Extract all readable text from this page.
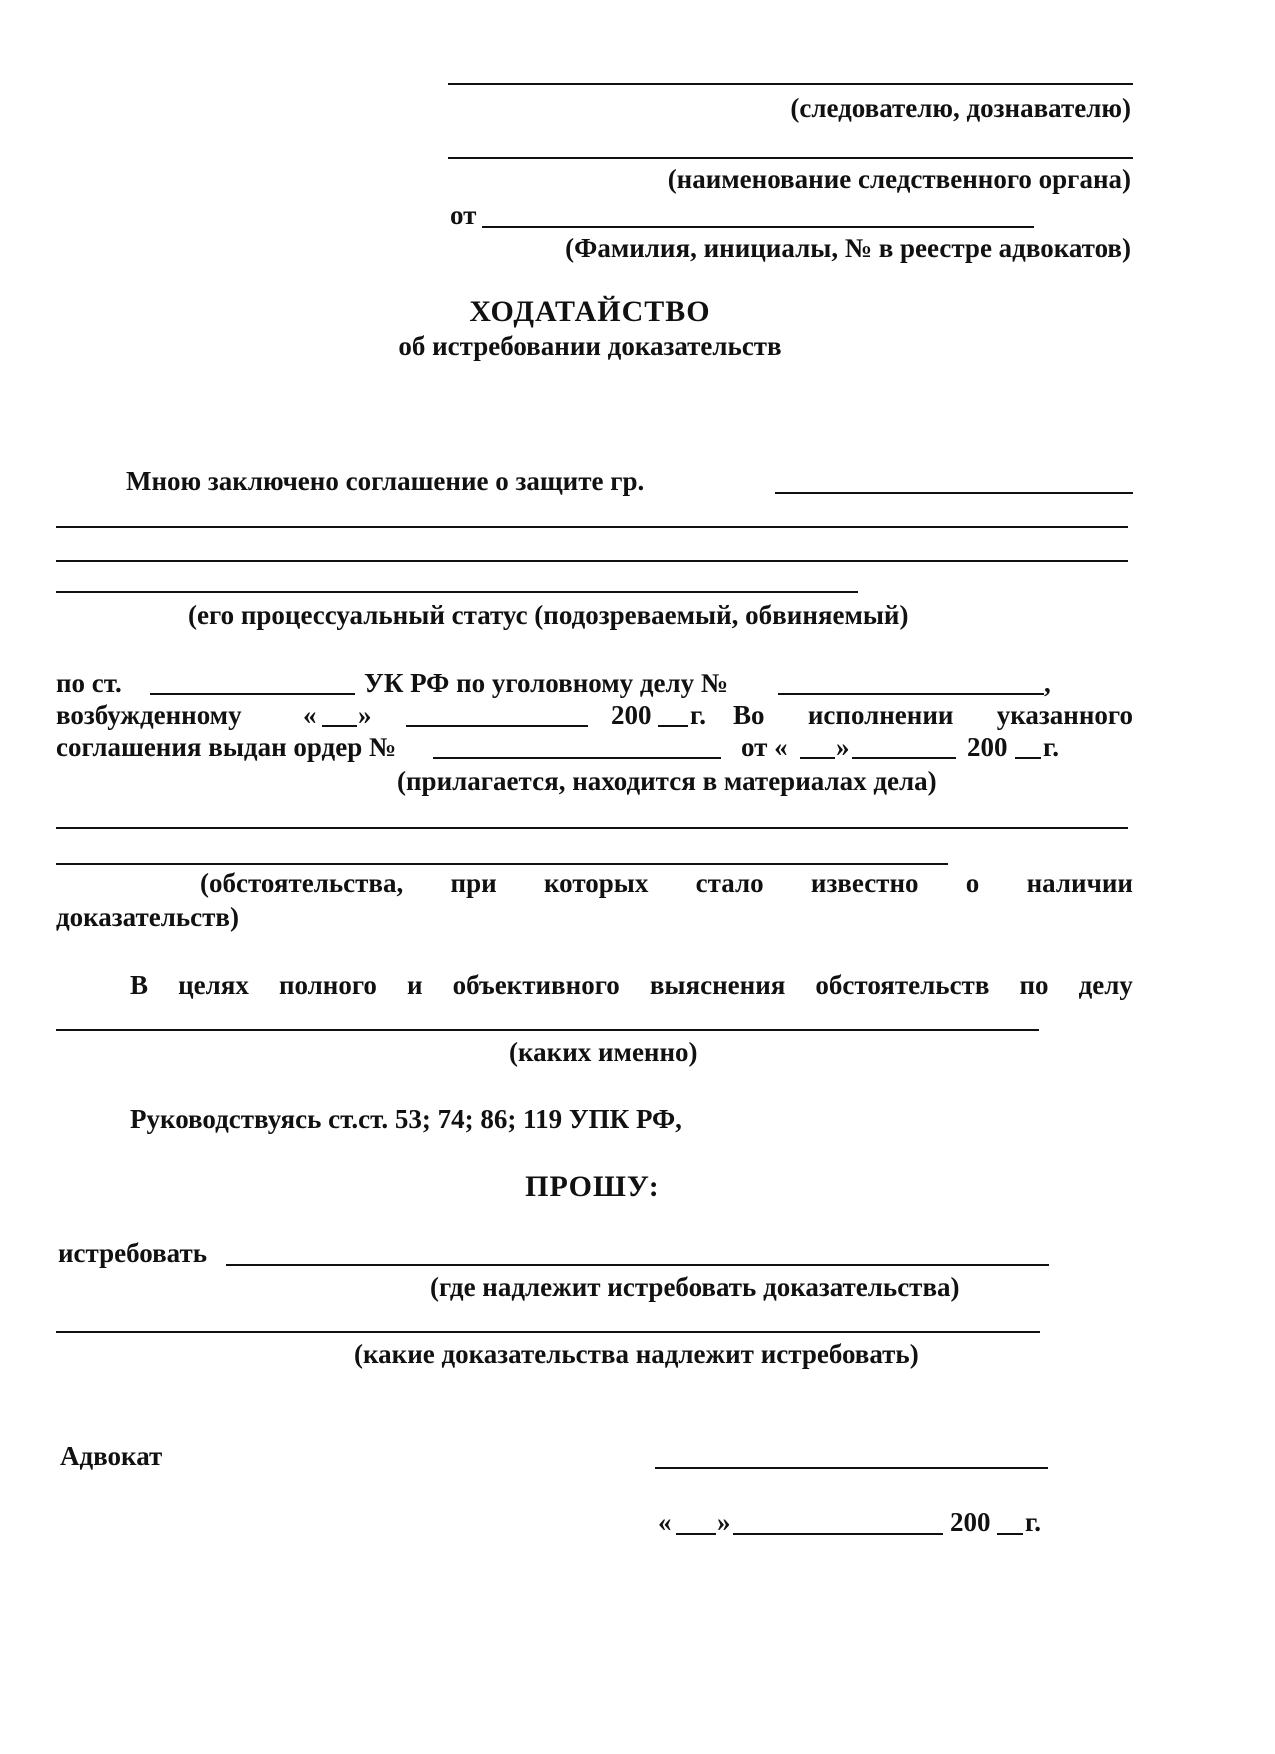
(следователю, дознавателю)
(наименование следственного органа)
от
(Фамилия, инициалы, № в реестре адвокатов)
ХОДАТАЙСТВО
об истребовании доказательств
Мною заключено соглашение о защите гр.
(его процессуальный статус (подозреваемый, обвиняемый)
по ст.	УК РФ по уголовному делу №	,
возбужденному « »	200 г. Во исполнении указанного
соглашения выдан ордер №	от « »	200 г.
(прилагается, находится в материалах дела)
(обстоятельства, при которых стало известно о наличии
доказательств)
В целях полного и объективного выяснения обстоятельств по делу
(каких именно)
Руководствуясь ст.ст. 53; 74; 86; 119 УПК РФ,
ПРОШУ:
истребовать
(где надлежит истребовать доказательства)
(какие доказательства надлежит истребовать)
Адвокат
« »	200 г.
